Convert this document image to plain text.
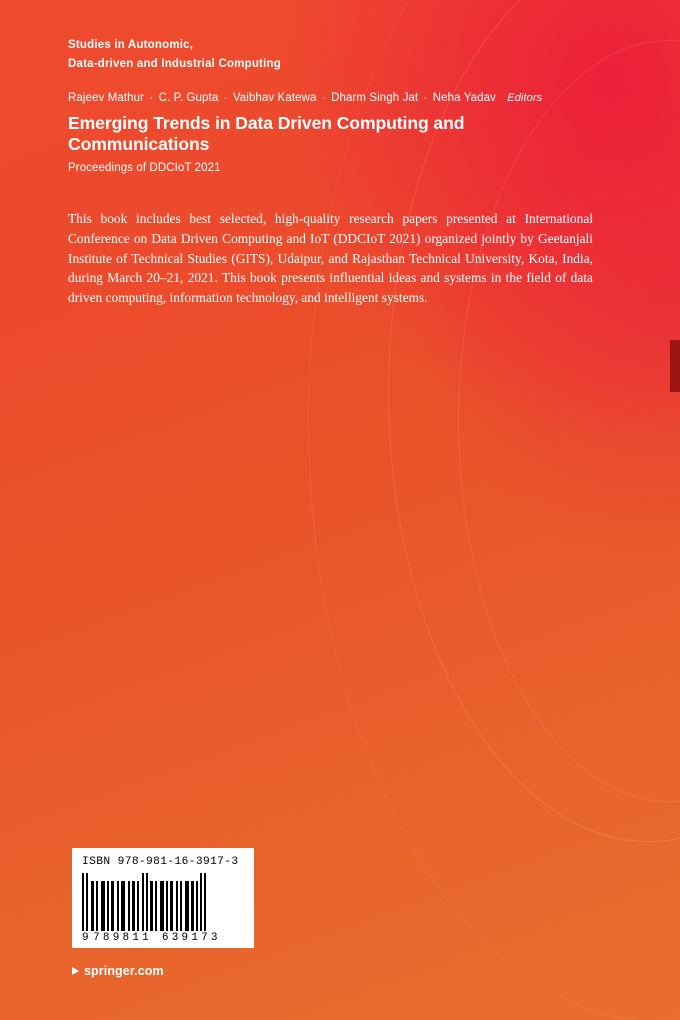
Studies in Autonomic,
Data-driven and Industrial Computing
Rajeev Mathur · C. P. Gupta · Vaibhav Katewa · Dharm Singh Jat · Neha Yadav Editors
Emerging Trends in Data Driven Computing and Communications
Proceedings of DDCIoT 2021
This book includes best selected, high-quality research papers presented at International Conference on Data Driven Computing and IoT (DDCIoT 2021) organized jointly by Geetanjali Institute of Technical Studies (GITS), Udaipur, and Rajasthan Technical University, Kota, India, during March 20–21, 2021. This book presents influential ideas and systems in the field of data driven computing, information technology, and intelligent systems.
ISBN 978-981-16-3917-3
9 789811 639173
springer.com
